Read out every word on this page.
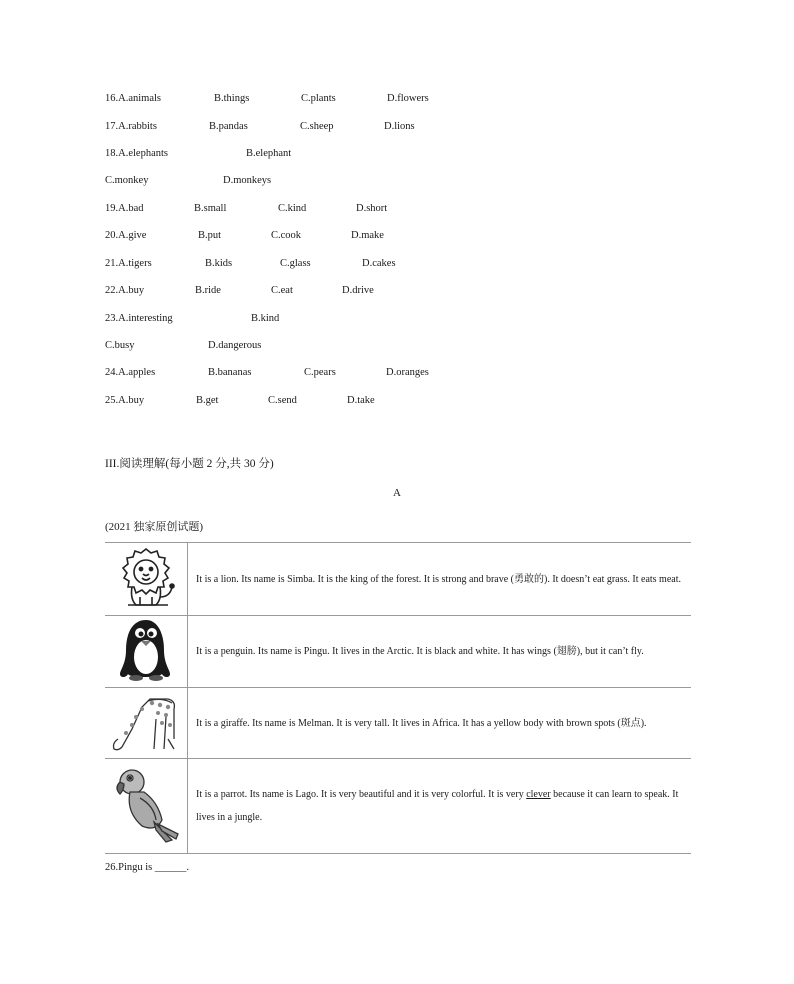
16.A.animals	B.things	C.plants	D.flowers
17.A.rabbits	B.pandas	C.sheep	D.lions
18.A.elephants	B.elephant
C.monkey	D.monkeys
19.A.bad	B.small	C.kind	D.short
20.A.give	B.put	C.cook	D.make
21.A.tigers	B.kids	C.glass	D.cakes
22.A.buy	B.ride	C.eat	D.drive
23.A.interesting	B.kind
C.busy	D.dangerous
24.A.apples	B.bananas	C.pears	D.oranges
25.A.buy	B.get	C.send	D.take
III.阅读理解(每小题 2 分,共 30 分)
A
(2021 独家原创试题)
	It is a lion. Its name is Simba. It is the king of the forest. It is strong and brave (勇敢的). It doesn’t eat grass. It eats meat.
	It is a penguin. Its name is Pingu. It lives in the Arctic. It is black and white. It has wings (翅膀), but it can’t fly.
	It is a giraffe. Its name is Melman. It is very tall. It lives in Africa. It has a yellow body with brown spots (斑点).
	It is a parrot. Its name is Lago. It is very beautiful and it is very colorful. It is very clever because it can learn to speak. It lives in a jungle.
26.Pingu is ______.
